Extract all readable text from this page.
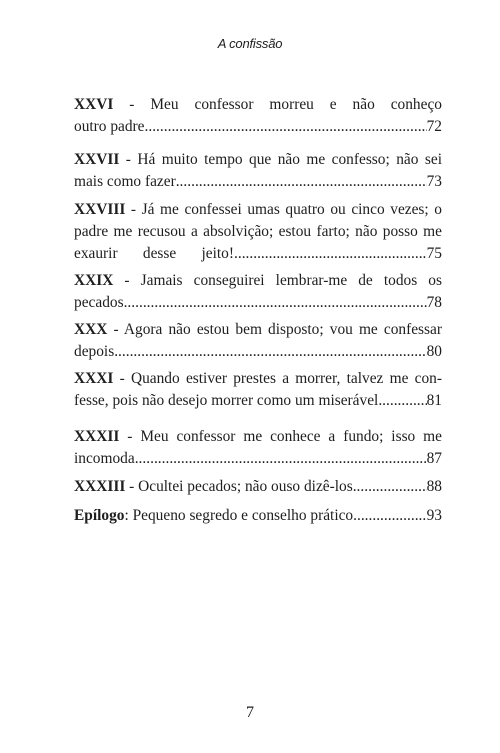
A confissão
XXVI - Meu confessor morreu e não conheço
outro padre .....	72
XXVII - Há muito tempo que não me confesso; não sei
mais como fazer .....	73
XXVIII - Já me confessei umas quatro ou cinco vezes; o
padre me recusou a absolvição; estou farto; não posso me
exaurir desse jeito! .....	75
XXIX - Jamais conseguirei lembrar-me de todos os
pecados .....	78
XXX - Agora não estou bem disposto; vou me confessar
depois .....	80
XXXI - Quando estiver prestes a morrer, talvez me con-
fesse, pois não desejo morrer como um miserável .....	81
XXXII - Meu confessor me conhece a fundo; isso me
incomoda .....	87
XXXIII - Ocultei pecados; não ouso dizê-los .....	88
Epílogo: Pequeno segredo e conselho prático .....	93
7
